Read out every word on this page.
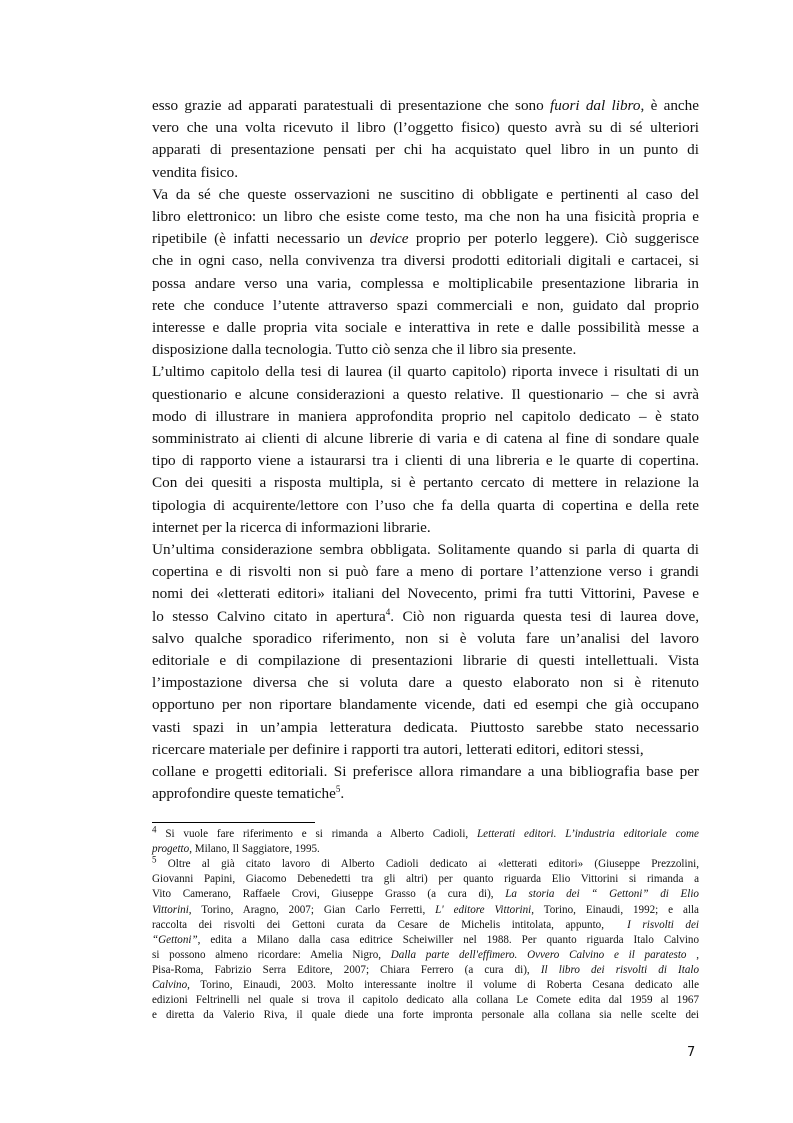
esso grazie ad apparati paratestuali di presentazione che sono fuori dal libro, è anche
vero che una volta ricevuto il libro (l’oggetto fisico) questo avrà su di sé ulteriori
apparati di presentazione pensati per chi ha acquistato quel libro in un punto di
vendita fisico.
Va da sé che queste osservazioni ne suscitino di obbligate e pertinenti al caso del
libro elettronico: un libro che esiste come testo, ma che non ha una fisicità propria e
ripetibile (è infatti necessario un device proprio per poterlo leggere). Ciò suggerisce
che in ogni caso, nella convivenza tra diversi prodotti editoriali digitali e cartacei, si
possa andare verso una varia, complessa e moltiplicabile presentazione libraria in
rete che conduce l’utente attraverso spazi commerciali e non, guidato dal proprio
interesse e dalle propria vita sociale e interattiva in rete e dalle possibilità messe a
disposizione dalla tecnologia. Tutto ciò senza che il libro sia presente.
L’ultimo capitolo della tesi di laurea (il quarto capitolo) riporta invece i risultati di un
questionario e alcune considerazioni a questo relative. Il questionario – che si avrà
modo di illustrare in maniera approfondita proprio nel capitolo dedicato – è stato
somministrato ai clienti di alcune librerie di varia e di catena al fine di sondare quale
tipo di rapporto viene a istaurarsi tra i clienti di una libreria e le quarte di copertina.
Con dei quesiti a risposta multipla, si è pertanto cercato di mettere in relazione la
tipologia di acquirente/lettore con l’uso che fa della quarta di copertina e della rete
internet per la ricerca di informazioni librarie.
Un’ultima considerazione sembra obbligata. Solitamente quando si parla di quarta di
copertina e di risvolti non si può fare a meno di portare l’attenzione verso i grandi
nomi dei «letterati editori» italiani del Novecento, primi fra tutti Vittorini, Pavese e
lo stesso Calvino citato in apertura$^4$. Ciò non riguarda questa tesi di laurea dove,
salvo qualche sporadico riferimento, non si è voluta fare un’analisi del lavoro
editoriale e di compilazione di presentazioni librarie di questi intellettuali. Vista
l’impostazione diversa che si voluta dare a questo elaborato non si è ritenuto
opportuno per non riportare blandamente vicende, dati ed esempi che già occupano
vasti spazi in un’ampia letteratura dedicata. Piuttosto sarebbe stato necessario
ricercare materiale per definire i rapporti tra autori, letterati editori, editori stessi,
collane e progetti editoriali. Si preferisce allora rimandare a una bibliografia base per
approfondire queste tematiche$^5$.
$^4$ Si vuole fare riferimento e si rimanda a Alberto Cadioli, Letterati editori. L’industria editoriale come
progetto, Milano, Il Saggiatore, 1995.
$^5$ Oltre al già citato lavoro di Alberto Cadioli dedicato ai «letterati editori» (Giuseppe Prezzolini,
Giovanni Papini, Giacomo Debenedetti tra gli altri) per quanto riguarda Elio Vittorini si rimanda a
Vito Camerano, Raffaele Crovi, Giuseppe Grasso (a cura di), La storia dei “ Gettoni” di Elio
Vittorini, Torino, Aragno, 2007; Gian Carlo Ferretti, L' editore Vittorini, Torino, Einaudi, 1992; e alla
raccolta dei risvolti dei Gettoni curata da Cesare de Michelis intitolata, appunto,  I risvolti dei
“Gettoni”, edita a Milano dalla casa editrice Scheiwiller nel 1988. Per quanto riguarda Italo Calvino
si possono almeno ricordare: Amelia Nigro, Dalla parte dell'effimero. Ovvero Calvino e il paratesto ,
Pisa-Roma, Fabrizio Serra Editore, 2007; Chiara Ferrero (a cura di), Il libro dei risvolti di Italo
Calvino, Torino, Einaudi, 2003. Molto interessante inoltre il volume di Roberta Cesana dedicato alle
edizioni Feltrinelli nel quale si trova il capitolo dedicato alla collana Le Comete edita dal 1959 al 1967
e diretta da Valerio Riva, il quale diede una forte impronta personale alla collana sia nelle scelte dei
7
